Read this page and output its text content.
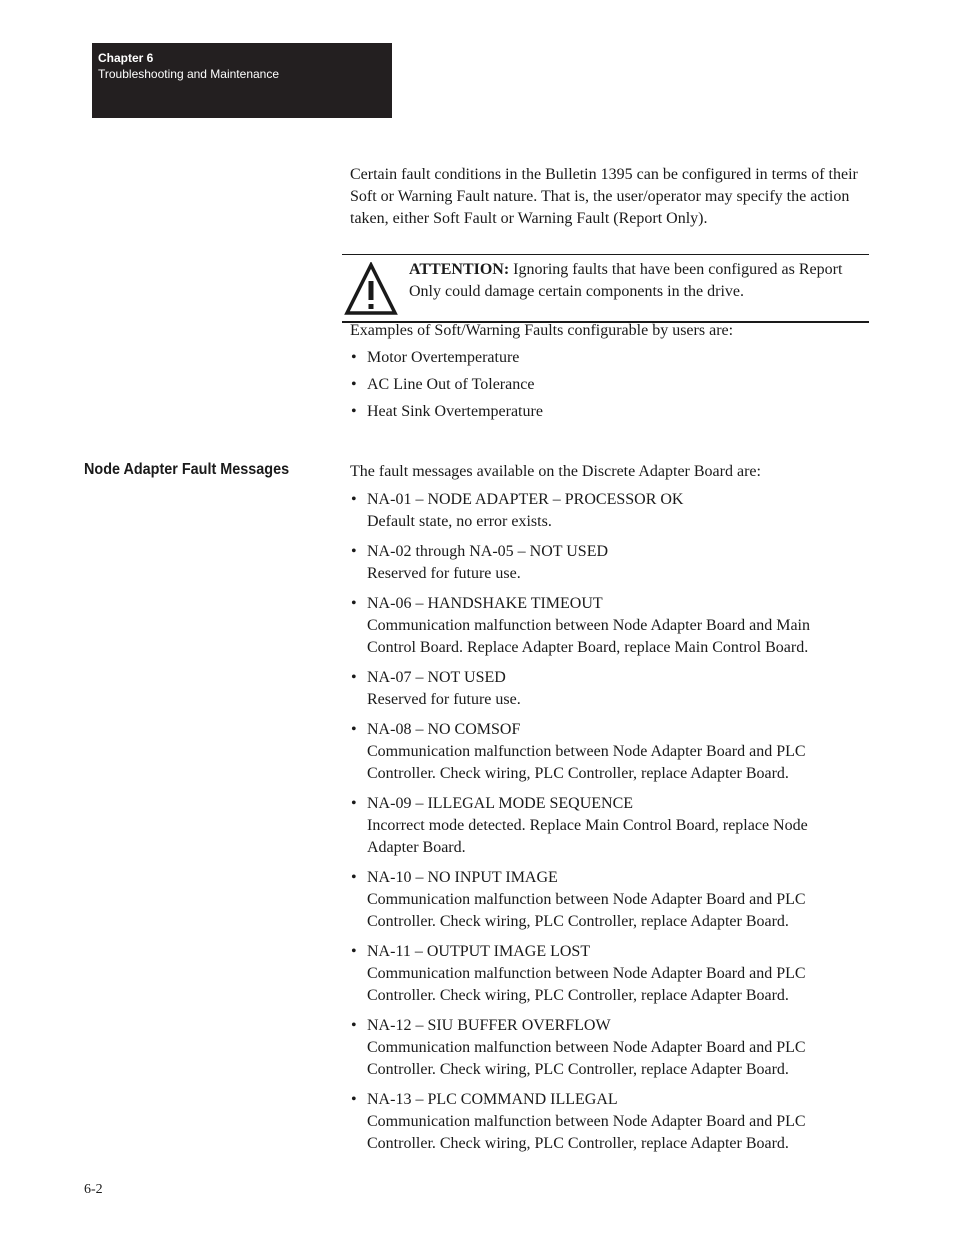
Chapter 6
Troubleshooting and Maintenance

Certain fault conditions in the Bulletin 1395 can be configured in terms of their Soft or Warning Fault nature. That is, the user/operator may specify the action taken, either Soft Fault or Warning Fault (Report Only).

ATTENTION: Ignoring faults that have been configured as Report Only could damage certain components in the drive.

Examples of Soft/Warning Faults configurable by users are:

• Motor Overtemperature
• AC Line Out of Tolerance
• Heat Sink Overtemperature
Node Adapter Fault Messages	The fault messages available on the Discrete Adapter Board are:

• NA-01 – NODE ADAPTER – PROCESSOR OK
Default state, no error exists.
• NA-02 through NA-05 – NOT USED
Reserved for future use.
• NA-06 – HANDSHAKE TIMEOUT
Communication malfunction between Node Adapter Board and Main Control Board. Replace Adapter Board, replace Main Control Board.
• NA-07 – NOT USED
Reserved for future use.
• NA-08 – NO COMSOF
Communication malfunction between Node Adapter Board and PLC Controller. Check wiring, PLC Controller, replace Adapter Board.
• NA-09 – ILLEGAL MODE SEQUENCE
Incorrect mode detected. Replace Main Control Board, replace Node Adapter Board.
• NA-10 – NO INPUT IMAGE
Communication malfunction between Node Adapter Board and PLC Controller. Check wiring, PLC Controller, replace Adapter Board.
• NA-11 – OUTPUT IMAGE LOST
Communication malfunction between Node Adapter Board and PLC Controller. Check wiring, PLC Controller, replace Adapter Board.
• NA-12 – SIU BUFFER OVERFLOW
Communication malfunction between Node Adapter Board and PLC Controller. Check wiring, PLC Controller, replace Adapter Board.
• NA-13 – PLC COMMAND ILLEGAL
Communication malfunction between Node Adapter Board and PLC Controller. Check wiring, PLC Controller, replace Adapter Board.
6-2
